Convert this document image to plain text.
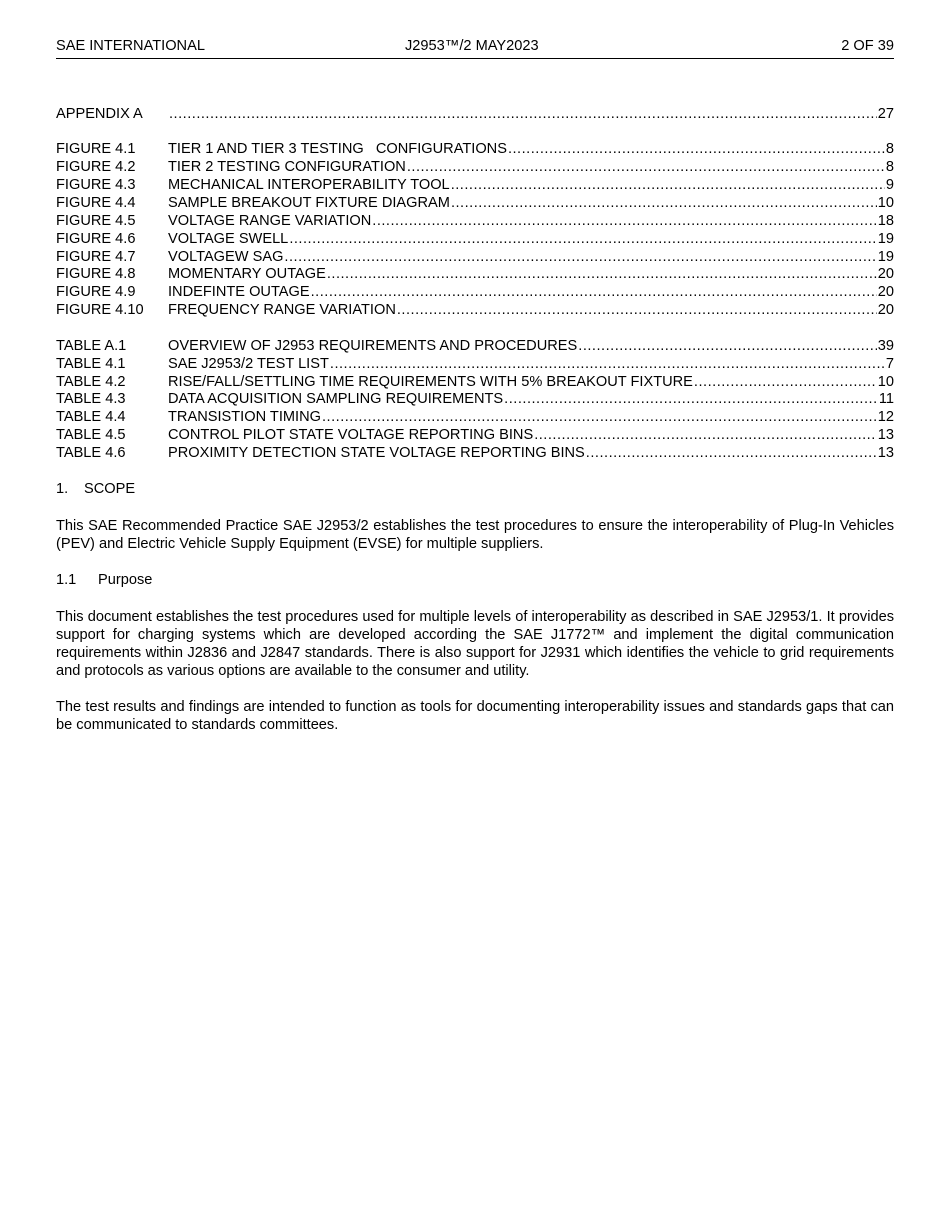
SAE INTERNATIONAL	J2953™/2 MAY2023	2 OF 39
APPENDIX A .....	27
FIGURE 4.1	TIER 1 AND TIER 3 TESTING   CONFIGURATIONS .....	8
FIGURE 4.2	TIER 2 TESTING CONFIGURATION .....	8
FIGURE 4.3	MECHANICAL INTEROPERABILITY TOOL .....	9
FIGURE 4.4	SAMPLE BREAKOUT FIXTURE DIAGRAM .....	10
FIGURE 4.5	VOLTAGE RANGE VARIATION .....	18
FIGURE 4.6	VOLTAGE SWELL .....	19
FIGURE 4.7	VOLTAGEW SAG .....	19
FIGURE 4.8	MOMENTARY OUTAGE .....	20
FIGURE 4.9	INDEFINTE OUTAGE .....	20
FIGURE 4.10	FREQUENCY RANGE VARIATION .....	20
TABLE A.1	OVERVIEW OF J2953 REQUIREMENTS AND PROCEDURES .....	39
TABLE 4.1	SAE J2953/2 TEST LIST .....	7
TABLE 4.2	RISE/FALL/SETTLING TIME REQUIREMENTS WITH 5% BREAKOUT FIXTURE .....	10
TABLE 4.3	DATA ACQUISITION SAMPLING REQUIREMENTS .....	11
TABLE 4.4	TRANSISTION TIMING .....	12
TABLE 4.5	CONTROL PILOT STATE VOLTAGE REPORTING BINS .....	13
TABLE 4.6	PROXIMITY DETECTION STATE VOLTAGE REPORTING BINS .....	13
1. SCOPE

This SAE Recommended Practice SAE J2953/2 establishes the test procedures to ensure the interoperability of Plug-In Vehicles (PEV) and Electric Vehicle Supply Equipment (EVSE) for multiple suppliers.

1.1 Purpose

This document establishes the test procedures used for multiple levels of interoperability as described in SAE J2953/1. It provides support for charging systems which are developed according the SAE J1772™ and implement the digital communication requirements within J2836 and J2847 standards. There is also support for J2931 which identifies the vehicle to grid requirements and protocols as various options are available to the consumer and utility.

The test results and findings are intended to function as tools for documenting interoperability issues and standards gaps that can be communicated to standards committees.
